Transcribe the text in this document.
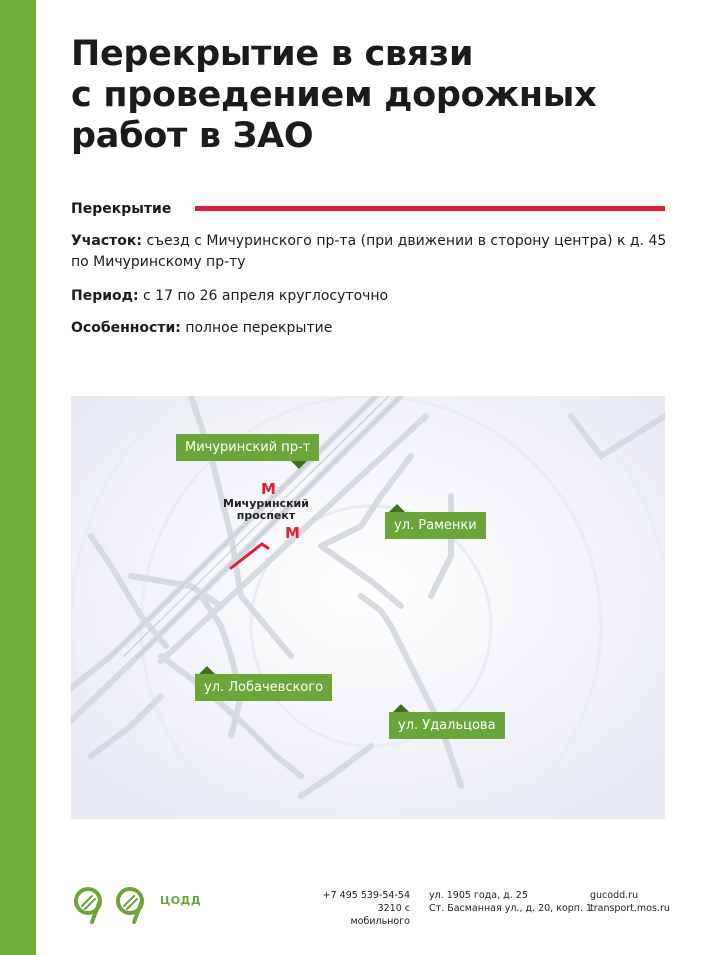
Перекрытие в связи
с проведением дорожных
работ в ЗАО
Перекрытие

Участок: съезд с Мичуринского пр-та (при движении в сторону центра) к д. 45 по Мичуринскому пр-ту

Период: с 17 по 26 апреля круглосуточно

Особенности: полное перекрытие

Мичуринский пр-т
М
М
Мичуринский
проспект
ул. Раменки
ул. Лобачевского
ул. Удальцова
ЦОДД	+7 495 539-54-54
3210 с мобильного
ул. 1905 года, д. 25
Ст. Басманная ул., д. 20, корп. 1
gucodd.ru
transport.mos.ru
